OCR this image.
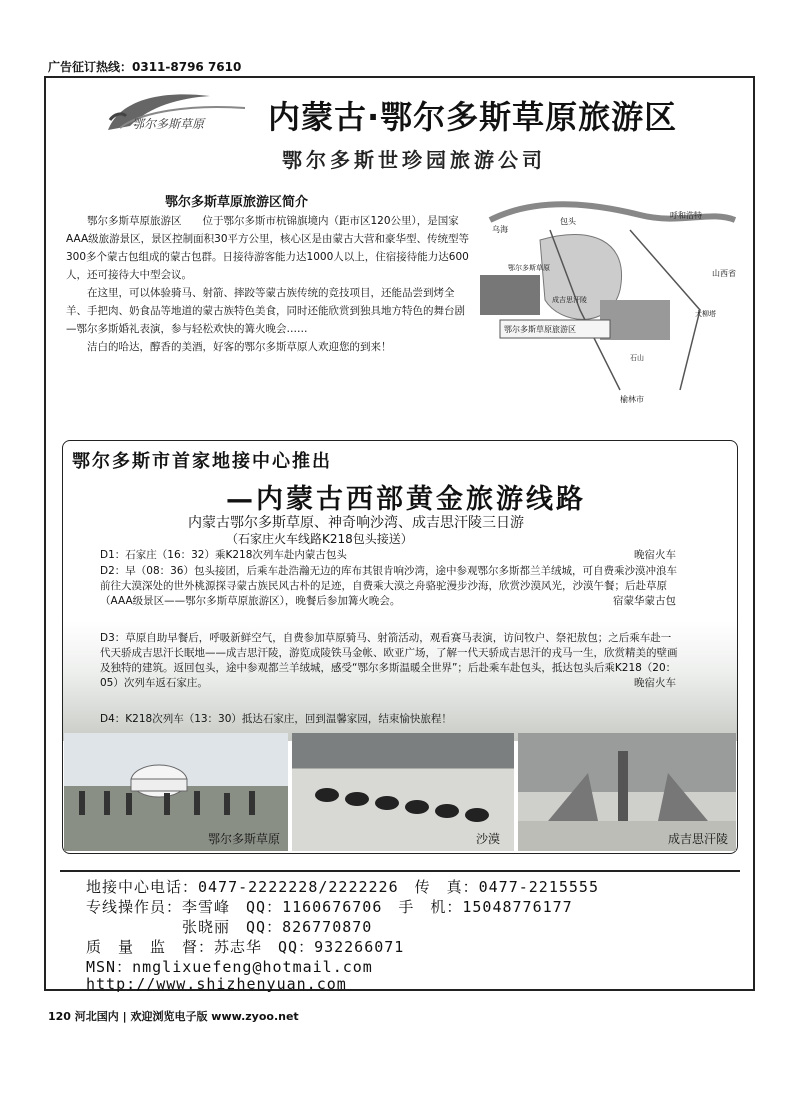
广告征订热线：0311-8796 7610
鄂尔多斯草原 内蒙古·鄂尔多斯草原旅游区
鄂尔多斯世珍园旅游公司
鄂尔多斯草原旅游区简介

鄂尔多斯草原旅游区　　位于鄂尔多斯市杭锦旗境内（距市区120公里），是国家AAA级旅游景区，景区控制面积30平方公里，核心区是由蒙古大营和豪华型、传统型等300多个蒙古包组成的蒙古包群。日接待游客能力达1000人以上，住宿接待能力达600人，还可接待大中型会议。

在这里，可以体验骑马、射箭、摔跤等蒙古族传统的竞技项目，还能品尝到烤全羊、手把肉、奶食品等地道的蒙古族特色美食，同时还能欣赏到独具地方特色的舞台剧—鄂尔多斯婚礼表演，参与轻松欢快的篝火晚会……

洁白的哈达，醇香的美酒，好客的鄂尔多斯草原人欢迎您的到来！

包头
呼和浩特
乌海
鄂尔多斯草原
成吉思汗陵
山西省
大柳塔
石山
榆林市
鄂尔多斯草原旅游区
鄂尔多斯市首家地接中心推出
—内蒙古西部黄金旅游线路
内蒙古鄂尔多斯草原、神奇响沙湾、成吉思汗陵三日游
（石家庄火车线路K218包头接送）
D1：石家庄（16：32）乘K218次列车赴内蒙古包头	晚宿火车
D2：早（08：36）包头接团，后乘车赴浩瀚无边的库布其银肯响沙湾，途中参观鄂尔多斯都兰羊绒城，可自费乘沙漠冲浪车前往大漠深处的世外桃源探寻蒙古族民风古朴的足迹，自费乘大漠之舟骆驼漫步沙海，欣赏沙漠风光，沙漠午餐；后赴草原（AAA级景区——鄂尔多斯草原旅游区），晚餐后参加篝火晚会。	宿蒙华蒙古包
D3：草原自助早餐后，呼吸新鲜空气，自费参加草原骑马、射箭活动，观看赛马表演，访问牧户、祭祀敖包；之后乘车赴一代天骄成吉思汗长眠地——成吉思汗陵，游览成陵铁马金帐、欧亚广场，了解一代天骄成吉思汗的戎马一生，欣赏精美的壁画及独特的建筑。返回包头，途中参观都兰羊绒城，感受“鄂尔多斯温暖全世界”；后赴乘车赴包头，抵达包头后乘K218（20：05）次列车返石家庄。	晚宿火车
D4：K218次列车（13：30）抵达石家庄，回到温馨家园，结束愉快旅程！
鄂尔多斯草原	沙漠	成吉思汗陵
地接中心电话：0477-2222228/2222226　传　真：0477-2215555
专线操作员：李雪峰　QQ：1160676706　手　机：15048776177
　　　　　　张晓丽　QQ：826770870
质　量　监　督：苏志华　QQ：932266071
MSN：nmglixuefeng@hotmail.com
http://www.shizhenyuan.com
120 河北国内 | 欢迎浏览电子版 www.zyoo.net
